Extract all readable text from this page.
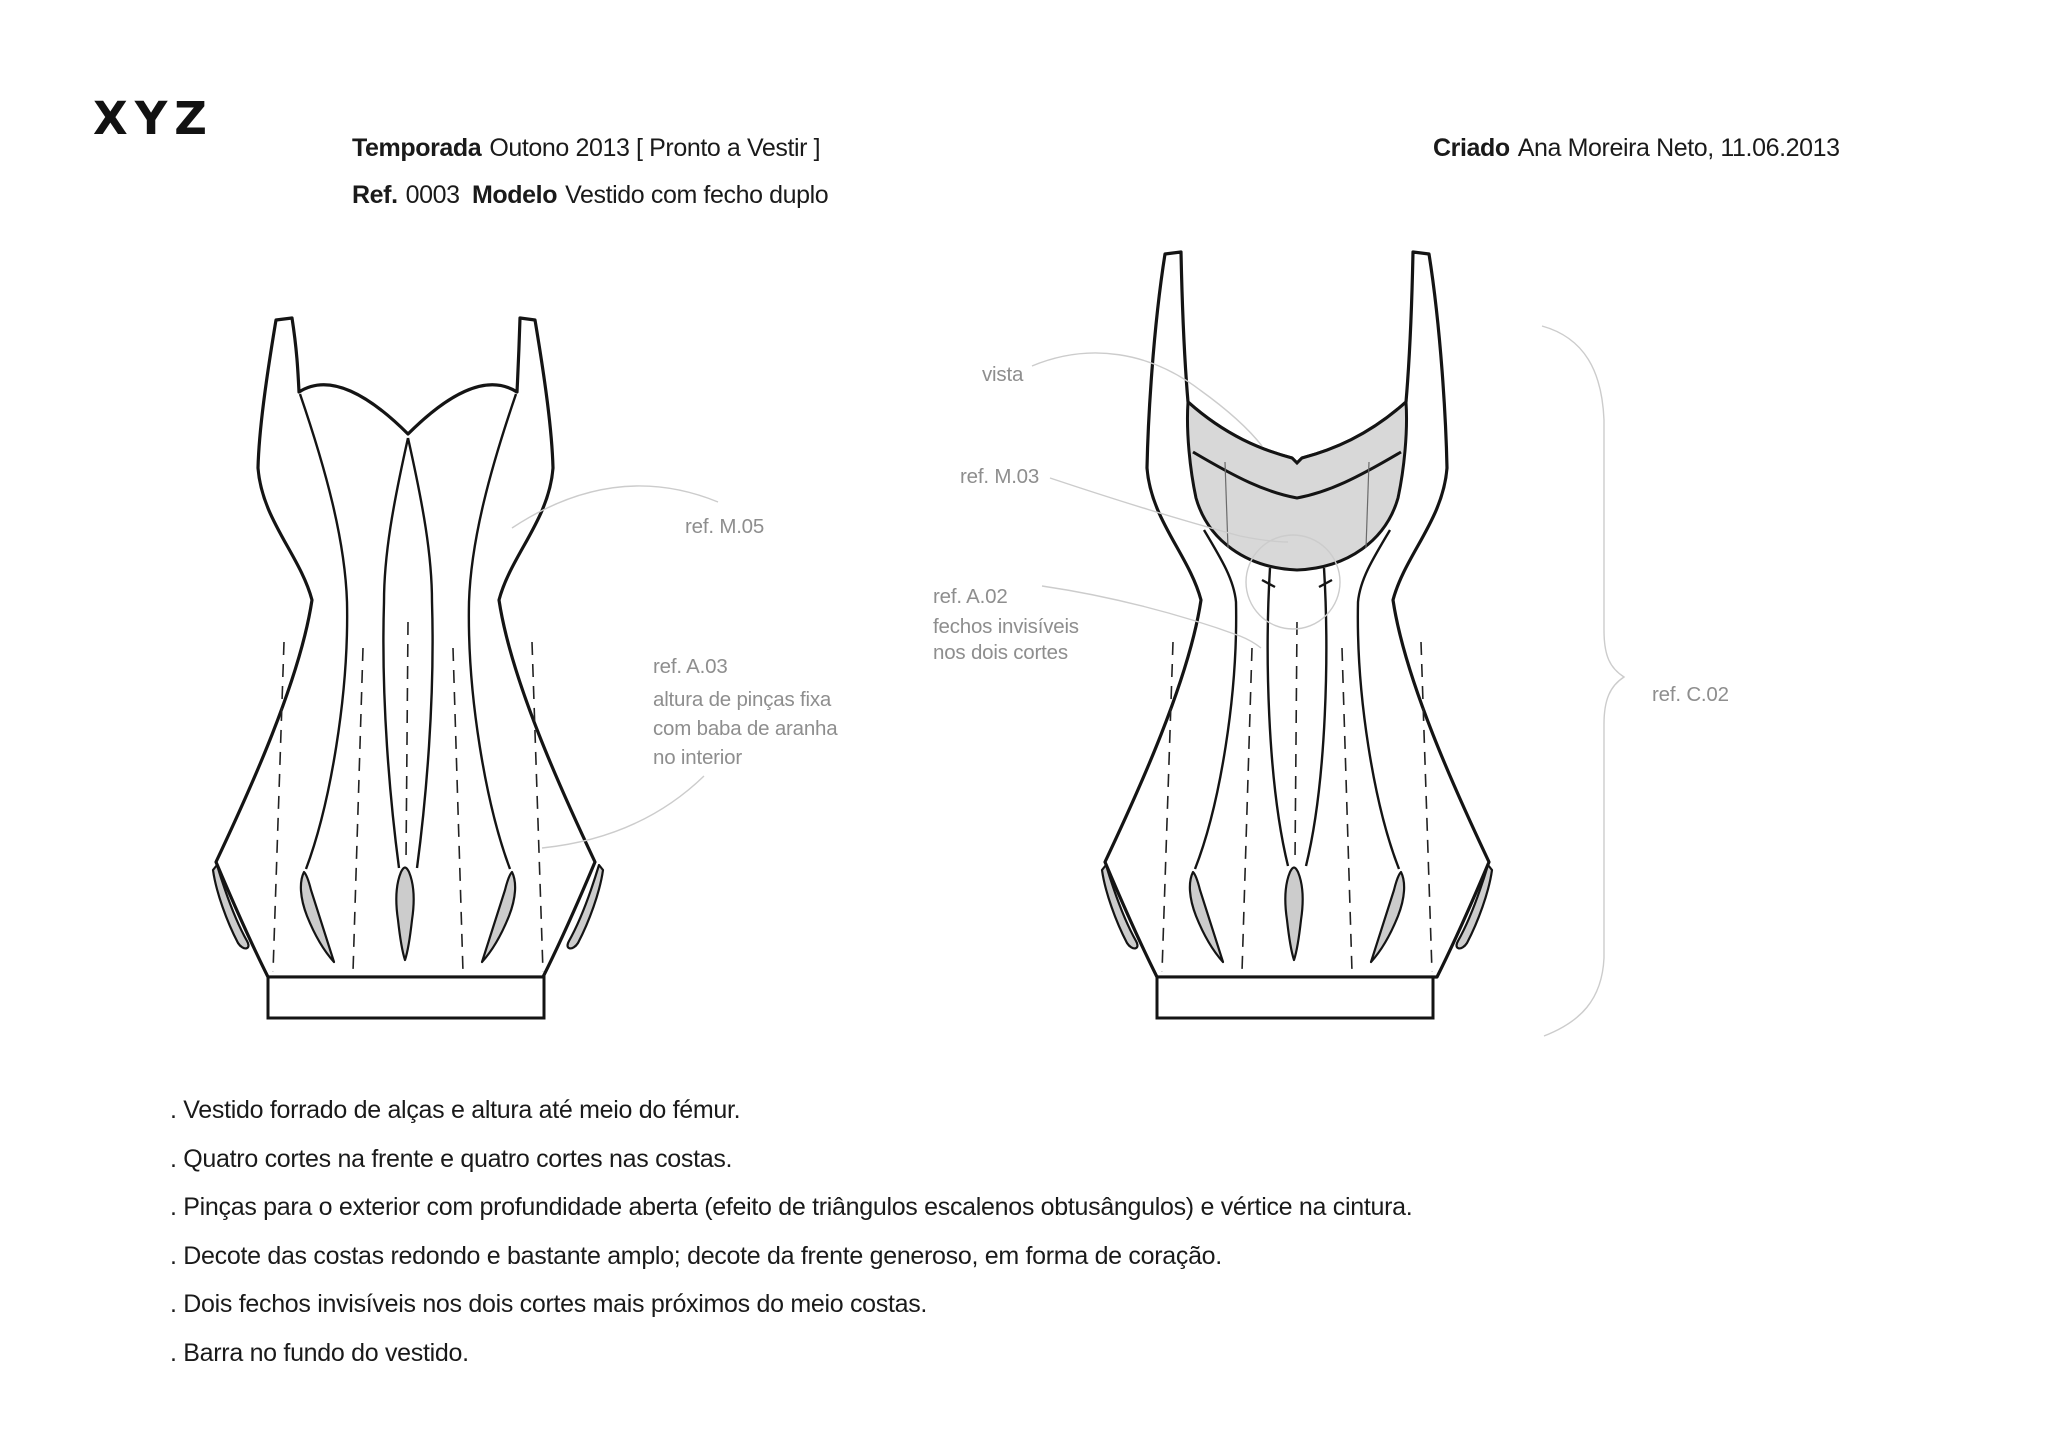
XYZ
Temporada Outono 2013 [ Pronto a Vestir ]
Ref. 0003 Modelo Vestido com fecho duplo
Criado Ana Moreira Neto, 11.06.2013
ref. M.05
ref. A.03
altura de pinças fixa
com baba de aranha
no interior
vista
ref. M.03
ref. A.02
fechos invisíveis
nos dois cortes
ref. C.02
. Vestido forrado de alças e altura até meio do fémur.
. Quatro cortes na frente e quatro cortes nas costas.
. Pinças para o exterior com profundidade aberta (efeito de triângulos escalenos obtusângulos) e vértice na cintura.
. Decote das costas redondo e bastante amplo; decote da frente generoso, em forma de coração.
. Dois fechos invisíveis nos dois cortes mais próximos do meio costas.
. Barra no fundo do vestido.
